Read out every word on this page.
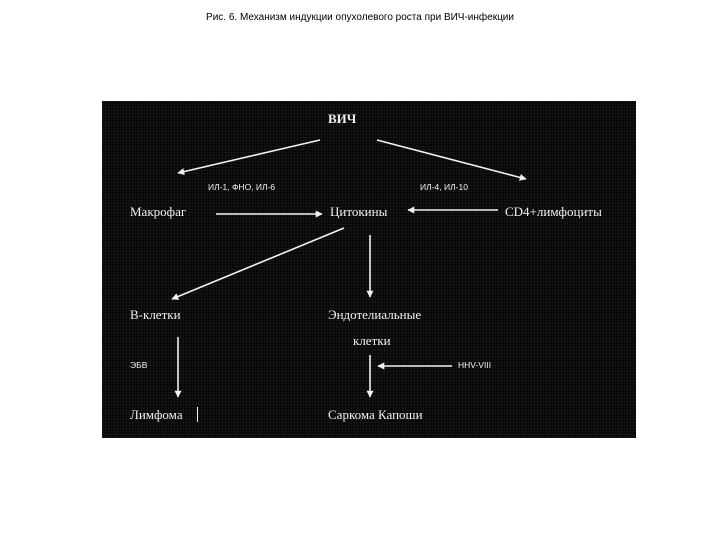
Рис. 6. Механизм индукции опухолевого роста при ВИЧ-инфекции
ВИЧ
Макрофаг	Цитокины	CD4+лимфоциты
В-клетки	Эндотелиальные
клетки
Лимфома	Саркома Капоши
ИЛ-1, ФНО, ИЛ-6	ИЛ-4, ИЛ-10
ЭБВ	HHV-VIII
